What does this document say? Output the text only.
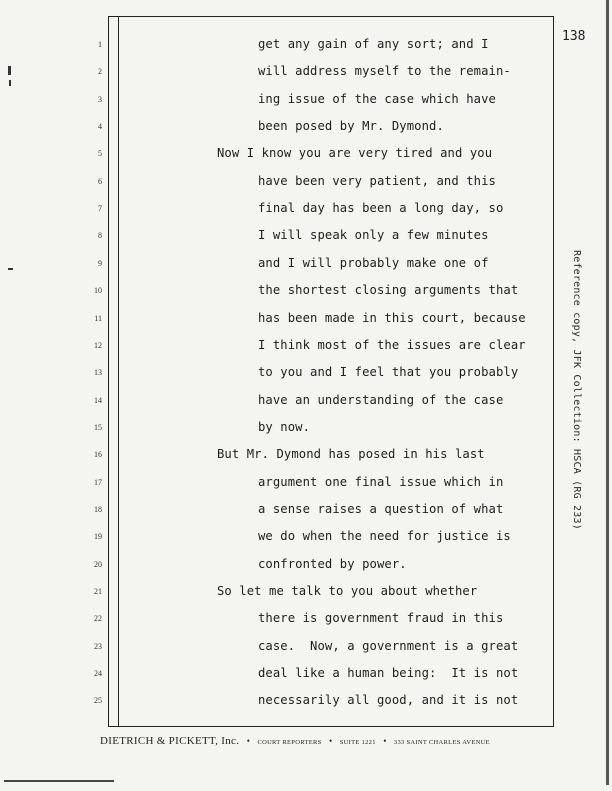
138
1	get any gain of any sort; and I
2	will address myself to the remain-
3	ing issue of the case which have
4	been posed by Mr. Dymond.
5	Now I know you are very tired and you
6	have been very patient, and this
7	final day has been a long day, so
8	I will speak only a few minutes
9	and I will probably make one of
10	the shortest closing arguments that
11	has been made in this court, because
12	I think most of the issues are clear
13	to you and I feel that you probably
14	have an understanding of the case
15	by now.
16	But Mr. Dymond has posed in his last
17	argument one final issue which in
18	a sense raises a question of what
19	we do when the need for justice is
20	confronted by power.
21	So let me talk to you about whether
22	there is government fraud in this
23	case.  Now, a government is a great
24	deal like a human being:  It is not
25	necessarily all good, and it is not
DIETRICH & PICKETT, Inc. • COURT REPORTERS • SUITE 1221 • 333 SAINT CHARLES AVENUE
Reference copy, JFK Collection: HSCA (RG 233)
